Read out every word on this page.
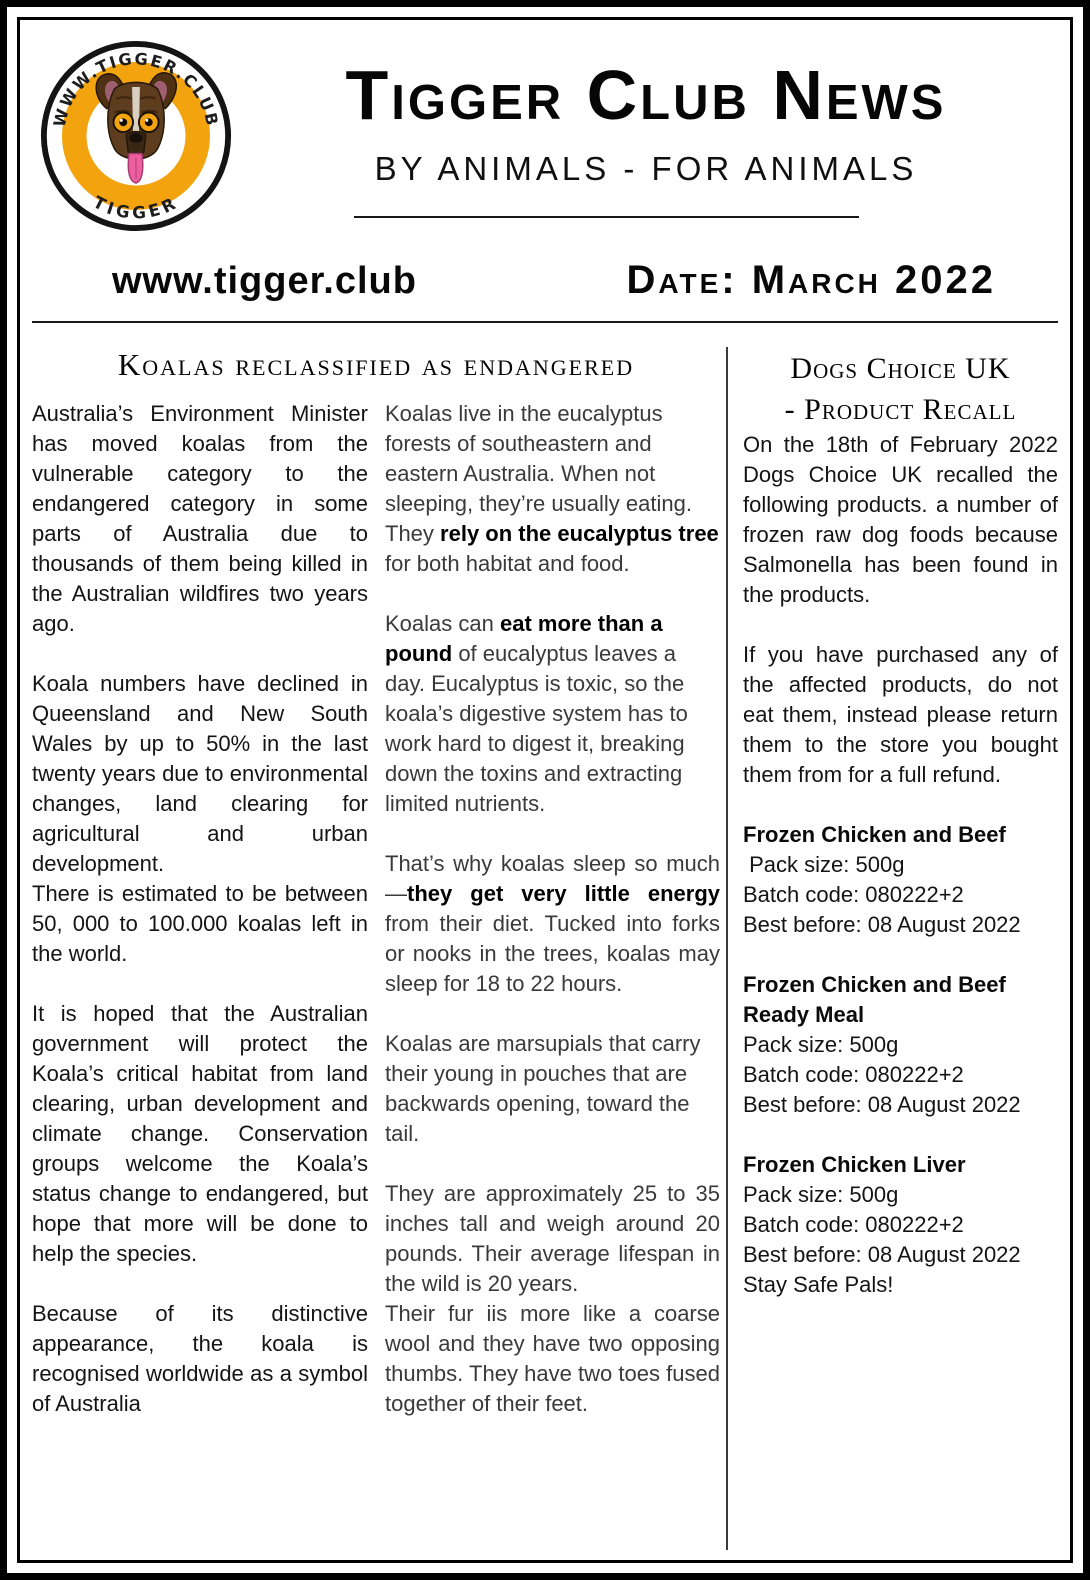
WWW.TIGGER.CLUB
TIGGER
Tigger Club News
BY ANIMALS - FOR ANIMALS
www.tigger.club	Date: March 2022
Koalas reclassified as endangered

Australia’s Environment Minister has moved koalas from the vulnerable category to the endangered category in some parts of Australia due to thousands of them being killed in the Australian wildfires two years ago.

Koala numbers have declined in Queensland and New South Wales by up to 50% in the last twenty years due to environmental changes, land clearing for agricultural and urban development.

There is estimated to be between 50, 000 to 100.000 koalas left in the world.

It is hoped that the Australian government will protect the Koala’s critical habitat from land clearing, urban development and climate change. Conservation groups welcome the Koala’s status change to endangered, but hope that more will be done to help the species.

Because of its distinctive appearance, the koala is recognised worldwide as a symbol of Australia

Koalas live in the eucalyptus forests of southeastern and eastern Australia. When not sleeping, they’re usually eating. They rely on the eucalyptus tree for both habitat and food.

Koalas can eat more than a pound of eucalyptus leaves a day. Eucalyptus is toxic, so the koala’s digestive system has to work hard to digest it, breaking down the toxins and extracting limited nutrients.

That’s why koalas sleep so much—they get very little energy from their diet. Tucked into forks or nooks in the trees, koalas may sleep for 18 to 22 hours.

Koalas are marsupials that carry their young in pouches that are backwards opening, toward the tail.

They are approximately 25 to 35 inches tall and weigh around 20 pounds. Their average lifespan in the wild is 20 years.

Their fur iis more like a coarse wool and they have two opposing thumbs. They have two toes fused together of their feet.

Dogs Choice UK
- Product Recall

On the 18th of February 2022 Dogs Choice UK recalled the following products. a number of frozen raw dog foods because Salmonella has been found in the products.

If you have purchased any of the affected products, do not eat them, instead please return them to the store you bought them from for a full refund.

Frozen Chicken and Beef

Pack size: 500g

Batch code: 080222+2

Best before: 08 August 2022

Frozen Chicken and Beef Ready Meal

Pack size: 500g

Batch code: 080222+2

Best before: 08 August 2022

Frozen Chicken Liver

Pack size: 500g

Batch code: 080222+2

Best before: 08 August 2022

Stay Safe Pals!
